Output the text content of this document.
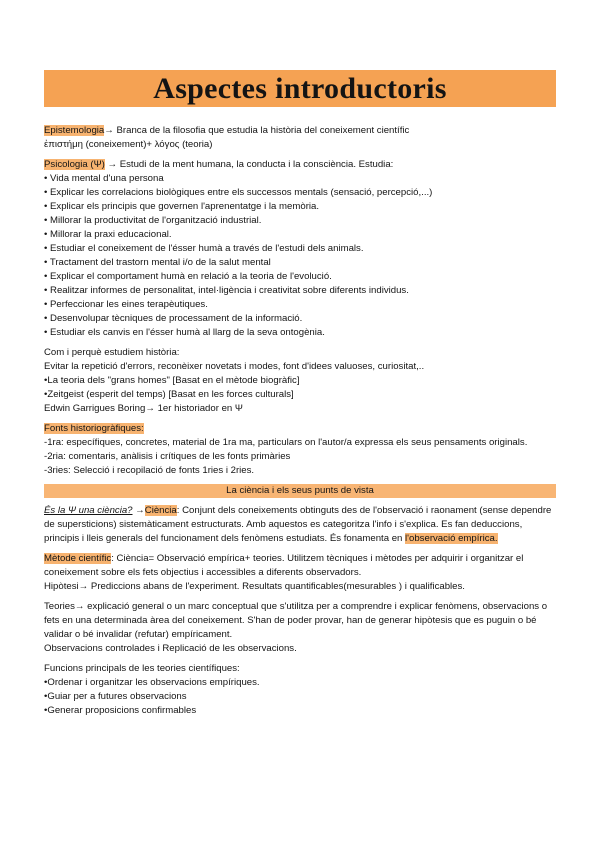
Aspectes introductoris
Epistemologia→ Branca de la filosofia que estudia la història del coneixement científic
ἐπιστήμη (coneixement)+ λόγος (teoria)
Psicologia (Ψ) → Estudi de la ment humana, la conducta i la consciència. Estudia:
• Vida mental d'una persona
• Explicar les correlacions biològiques entre els successos mentals (sensació, percepció,...)
• Explicar els principis que governen l'aprenentatge i la memòria.
• Millorar la productivitat de l'organització industrial.
• Millorar la praxi educacional.
• Estudiar el coneixement de l'ésser humà a través de l'estudi dels animals.
• Tractament del trastorn mental i/o de la salut mental
• Explicar el comportament humà en relació a la teoria de l'evolució.
• Realitzar informes de personalitat, intel·ligència i creativitat sobre diferents individus.
• Perfeccionar les eines terapèutiques.
• Desenvolupar tècniques de processament de la informació.
• Estudiar els canvis en l'ésser humà al llarg de la seva ontogènia.
Com i perquè estudiem història:
Evitar la repetició d'errors, reconèixer novetats i modes, font d'idees valuoses, curiositat,..
•La teoria dels "grans homes" [Basat en el mètode biogràfic]
•Zeitgeist (esperit del temps) [Basat en les forces culturals]
Edwin Garrigues Boring→ 1er historiador en Ψ
Fonts historiogràfiques:
-1ra: específiques, concretes, material de 1ra ma, particulars on l'autor/a expressa els seus pensaments originals.
-2ria: comentaris, anàlisis i crítiques de les fonts primàries
-3ries: Selecció i recopilació de fonts 1ries i 2ries.
La ciència i els seus punts de vista
És la Ψ una ciència? →Ciència: Conjunt dels coneixements obtinguts des de l'observació i raonament (sense dependre de supersticions) sistemàticament estructurats. Amb aquestos es categoritza l'info i s'explica. Es fan deduccions, principis i lleis generals del funcionament dels fenòmens estudiats. És fonamenta en l'observació empírica.
Mètode científic: Ciència= Observació empírica+ teories. Utilitzem tècniques i mètodes per adquirir i organitzar el coneixement sobre els fets objectius i accessibles a diferents observadors.
Hipòtesi→ Prediccions abans de l'experiment. Resultats quantificables(mesurables ) i qualificables.
Teories→ explicació general o un marc conceptual que s'utilitza per a comprendre i explicar fenòmens, observacions o fets en una determinada àrea del coneixement. S'han de poder provar, han de generar hipòtesis que es puguin o bé validar o bé invalidar (refutar) empíricament.
Observacions controlades i Replicació de les observacions.
Funcions principals de les teories científiques:
•Ordenar i organitzar les observacions empíriques.
•Guiar per a futures observacions
•Generar proposicions confirmables
